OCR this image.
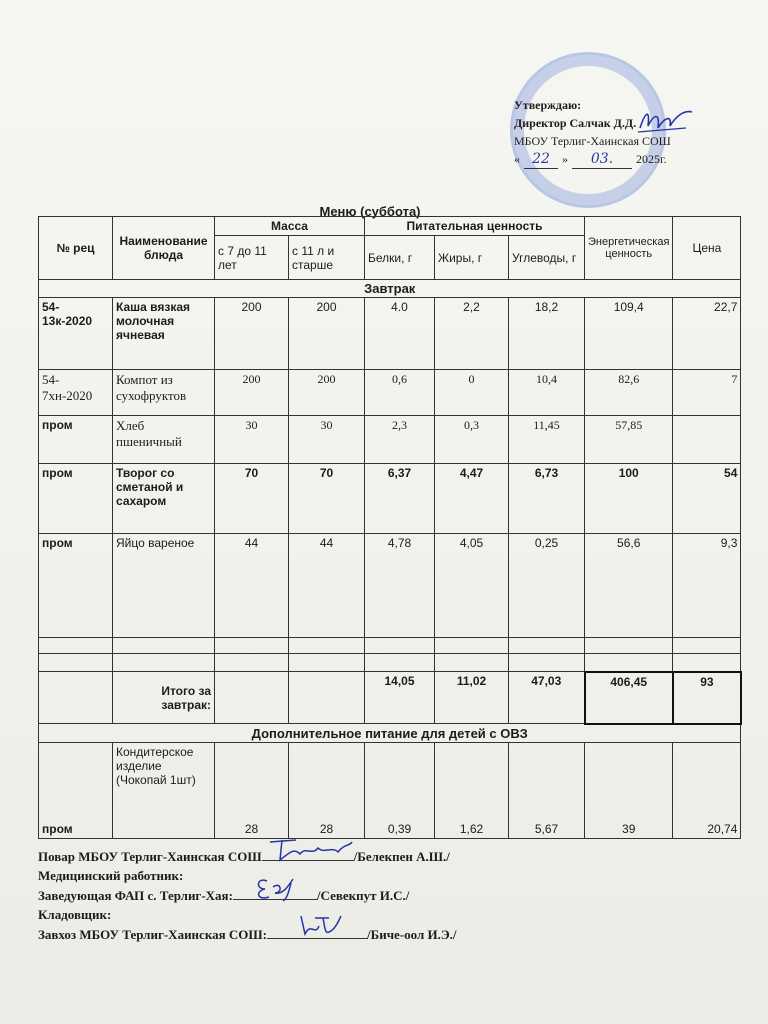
Утверждаю:
Директор Салчак Д.Д.
МБОУ Терлиг-Хаинская СОШ
« 22	»	03.	2025г.
Меню (суббота)
№ рец	Наименование блюда	Масса		Питательная ценность			Энергетическая ценность	Цена
		с 7 до 11 лет	с 11 л и старше	Белки, г	Жиры, г	Углеводы, г		
Завтрак								
54-13к-2020	Каша вязкая молочная ячневая	200	200	4.0	2,2	18,2	109,4	22,7
54-7хн-2020	Компот из сухофруктов	200	200	0,6	0	10,4	82,6	7
пром	Хлеб пшеничный	30	30	2,3	0,3	11,45	57,85	
пром	Творог со сметаной и сахаром	70	70	6,37	4,47	6,73	100	54
пром	Яйцо вареное	44	44	4,78	4,05	0,25	56,6	9,3

	Итого за завтрак:			14,05	11,02	47,03	406,45	93
Дополнительное питание для детей с ОВЗ								
пром	Кондитерское изделие (Чокопай 1шт)	28	28	0,39	1,62	5,67	39	20,74
Повар МБОУ Терлиг-Хаинская СОШ	/Белекпен А.Ш./
Медицинский работник:
Заведующая ФАП с. Терлиг-Хая:	/Севекпут И.С./
Кладовщик:
Завхоз МБОУ Терлиг-Хаинская СОШ:	/Биче-оол И.Э./
